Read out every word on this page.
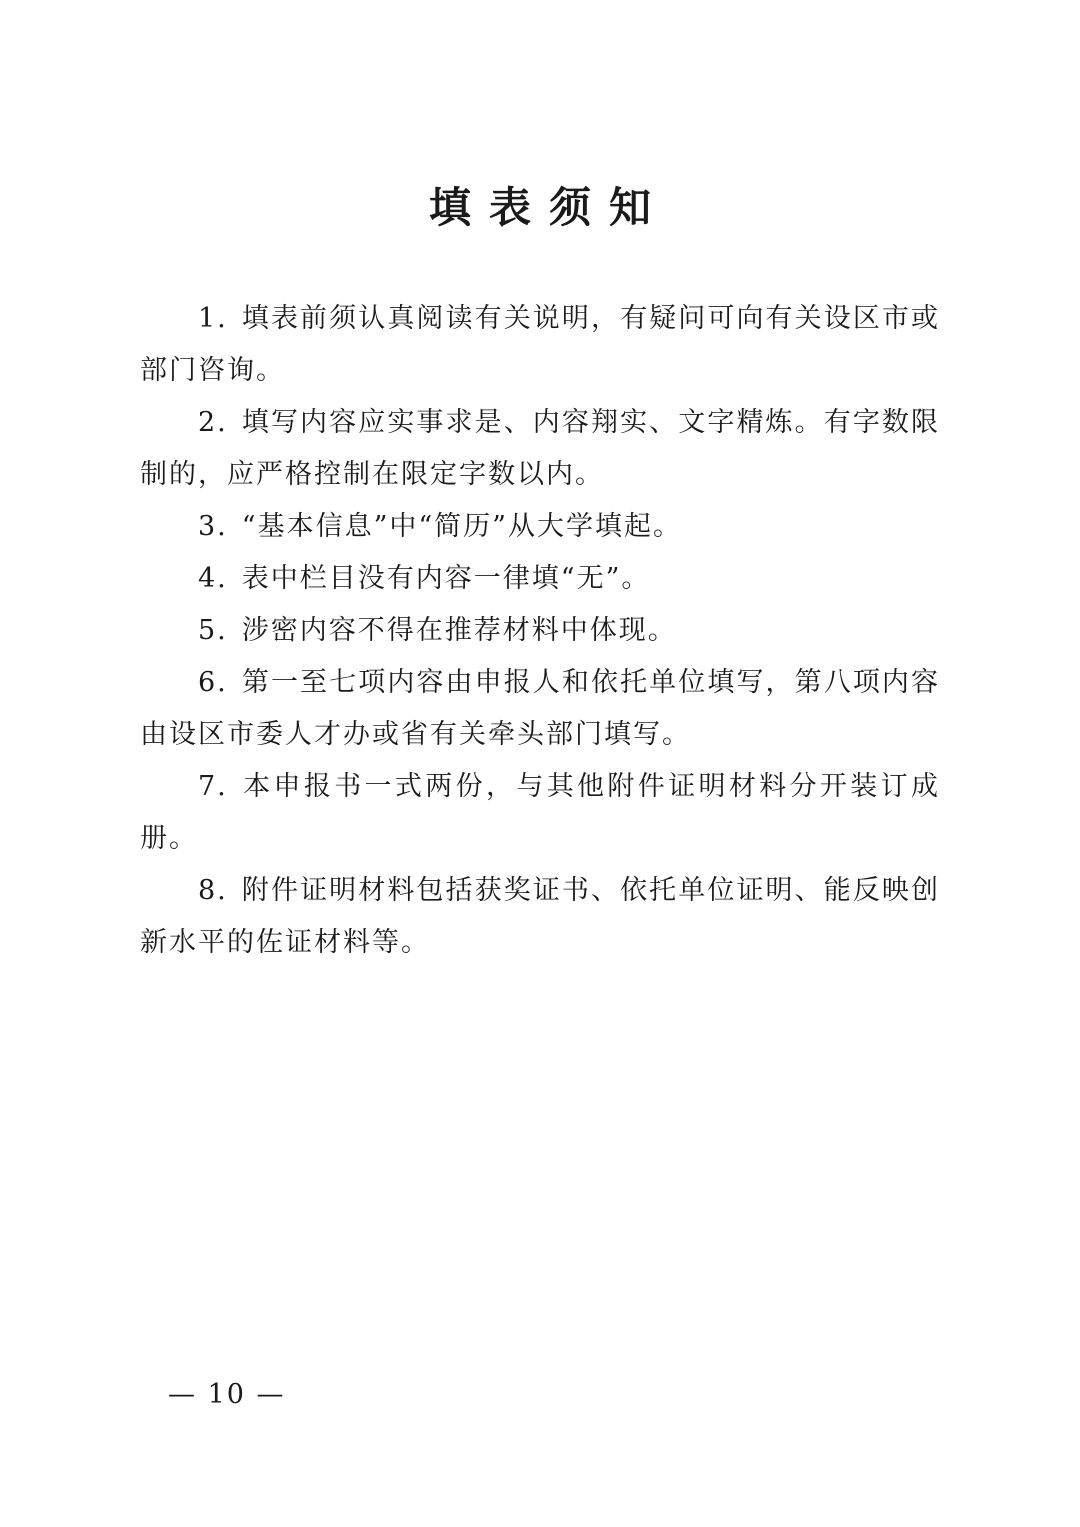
填表须知
1. 填表前须认真阅读有关说明，有疑问可向有关设区市或部门咨询。
2. 填写内容应实事求是、内容翔实、文字精炼。有字数限制的，应严格控制在限定字数以内。
3. “基本信息”中“简历”从大学填起。
4. 表中栏目没有内容一律填“无”。
5. 涉密内容不得在推荐材料中体现。
6. 第一至七项内容由申报人和依托单位填写，第八项内容由设区市委人才办或省有关牵头部门填写。
7. 本申报书一式两份，与其他附件证明材料分开装订成册。
8. 附件证明材料包括获奖证书、依托单位证明、能反映创新水平的佐证材料等。
— 10 —
